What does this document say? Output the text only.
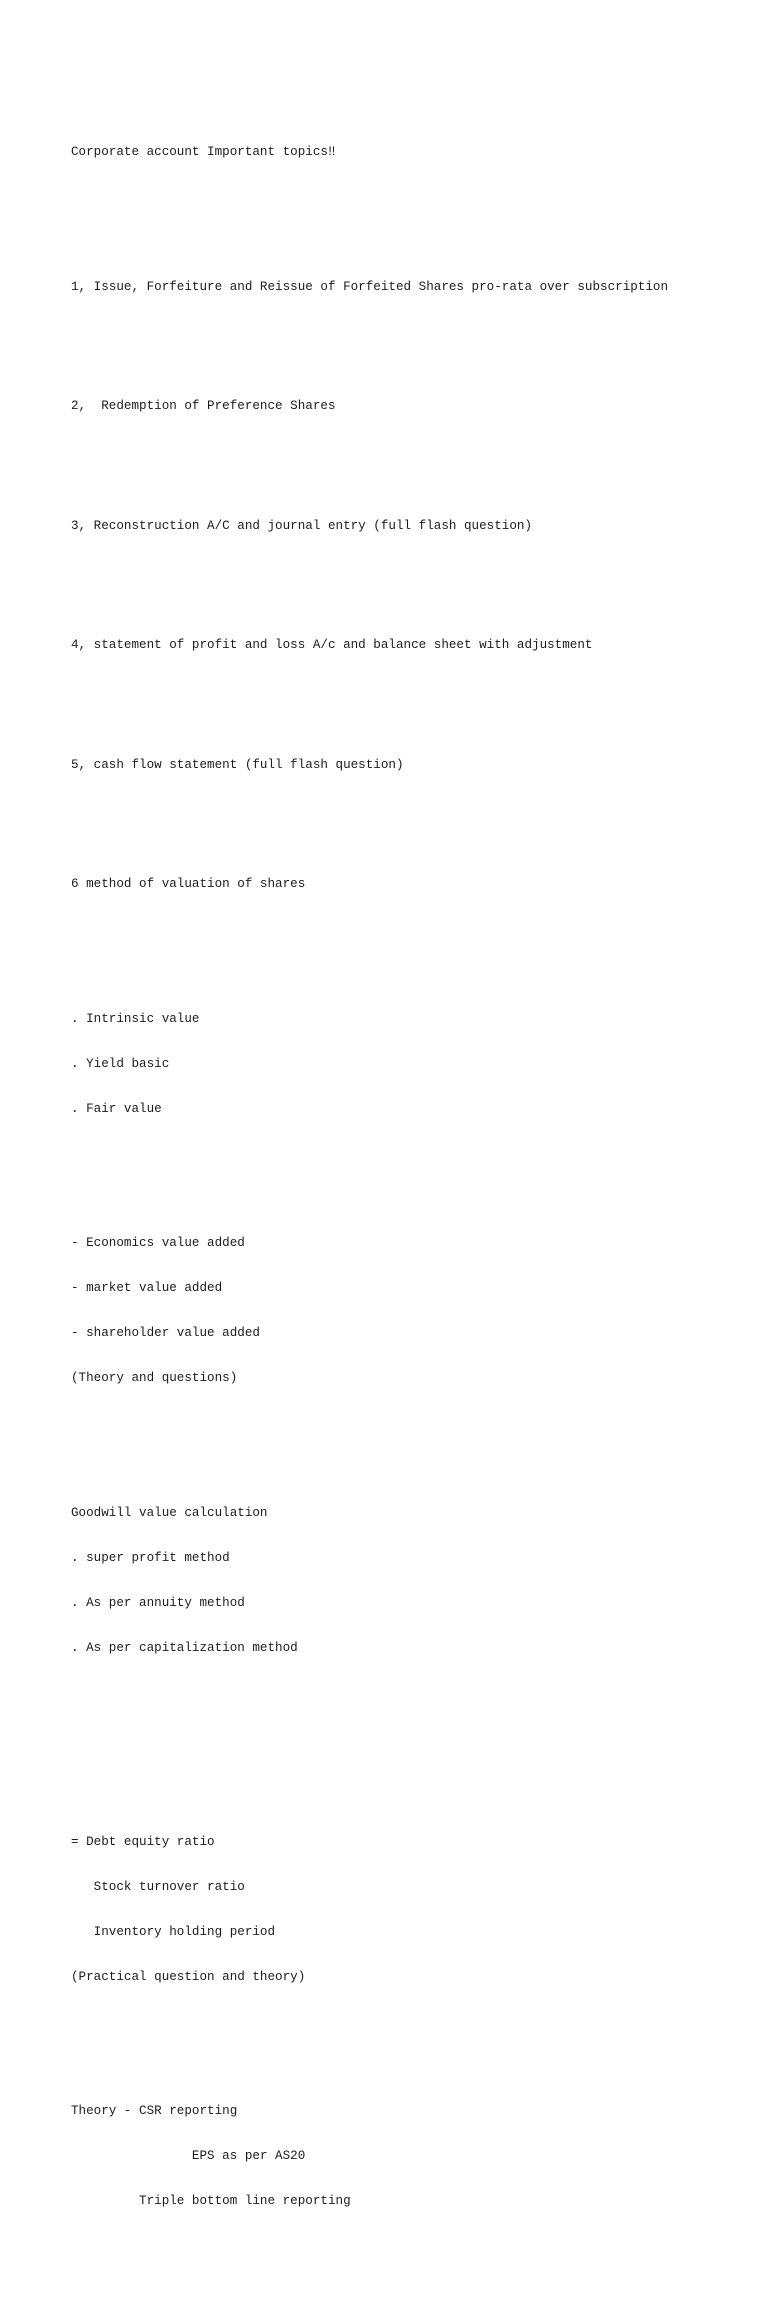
Corporate account Important topics‼

1, Issue, Forfeiture and Reissue of Forfeited Shares pro-rata over subscription

2,  Redemption of Preference Shares

3, Reconstruction A/C and journal entry (full flash question)

4, statement of profit and loss A/c and balance sheet with adjustment

5, cash flow statement (full flash question)

6 method of valuation of shares

. Intrinsic value

. Yield basic

. Fair value

- Economics value added

- market value added

- shareholder value added

(Theory and questions)

Goodwill value calculation

. super profit method

. As per annuity method

. As per capitalization method

= Debt equity ratio

Stock turnover ratio

Inventory holding period

(Practical question and theory)

Theory - CSR reporting

EPS as per AS20

Triple bottom line reporting
